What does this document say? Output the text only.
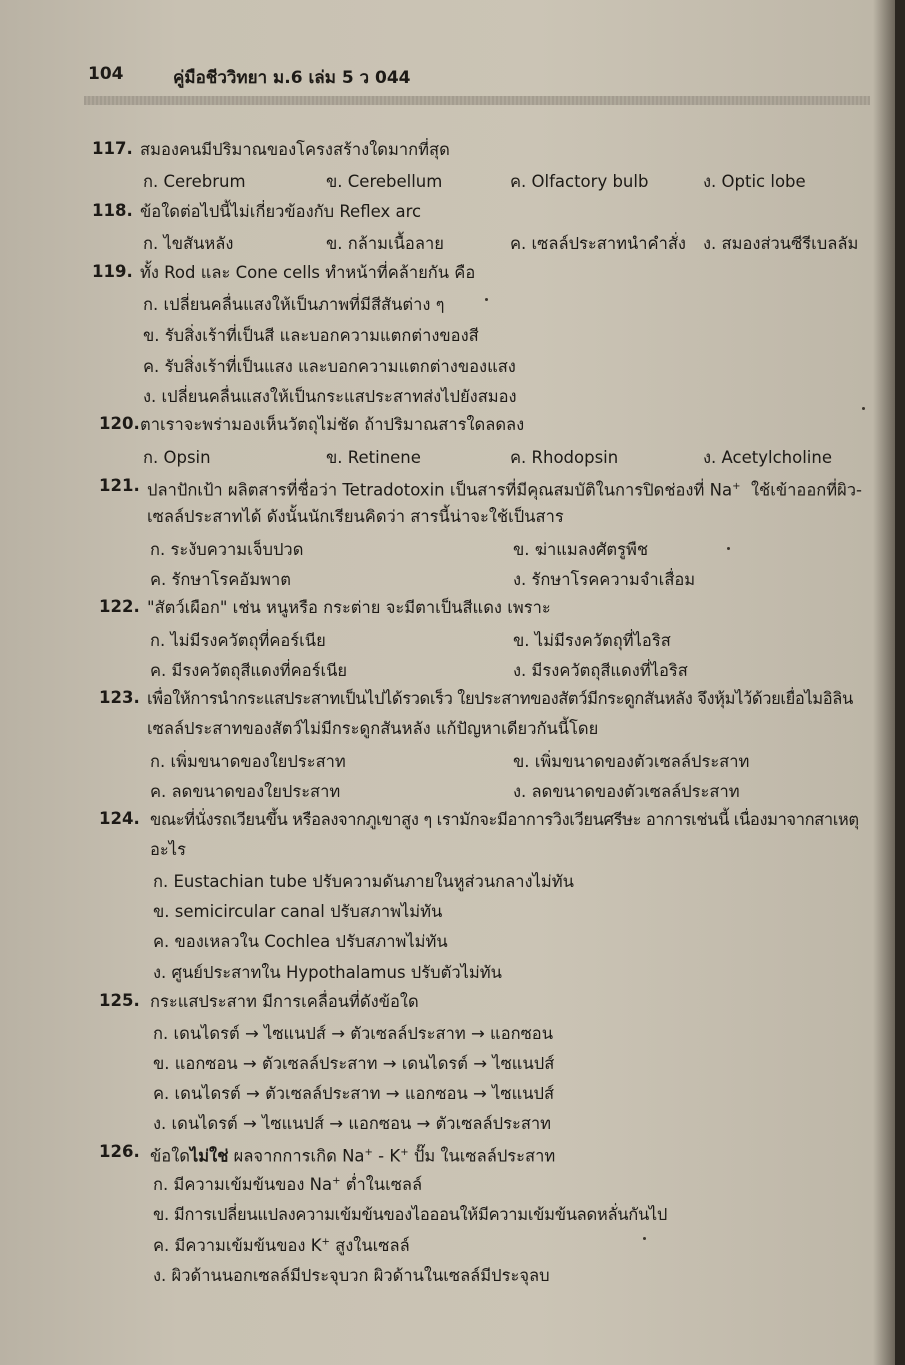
104	คู่มือชีววิทยา ม.6 เล่ม 5 ว 044
117. สมองคนมีปริมาณของโครงสร้างใดมากที่สุด
ก. Cerebrum	ข. Cerebellum	ค. Olfactory bulb	ง. Optic lobe
118. ข้อใดต่อไปนี้ไม่เกี่ยวข้องกับ Reflex arc
ก. ไขสันหลัง	ข. กล้ามเนื้อลาย	ค. เซลล์ประสาทนำคำสั่ง ง. สมองส่วนซีรีเบลลัม
119. ทั้ง Rod และ Cone cells ทำหน้าที่คล้ายกัน คือ
ก. เปลี่ยนคลื่นแสงให้เป็นภาพที่มีสีสันต่าง ๆ
ข. รับสิ่งเร้าที่เป็นสี และบอกความแตกต่างของสี
ค. รับสิ่งเร้าที่เป็นแสง และบอกความแตกต่างของแสง
ง. เปลี่ยนคลื่นแสงให้เป็นกระแสประสาทส่งไปยังสมอง
120. ตาเราจะพร่ามองเห็นวัตถุไม่ชัด ถ้าปริมาณสารใดลดลง
ก. Opsin	ข. Retinene	ค. Rhodopsin	ง. Acetylcholine
121. ปลาปักเป้า ผลิตสารที่ชื่อว่า Tetradotoxin เป็นสารที่มีคุณสมบัติในการปิดช่องที่ Na+ ใช้เข้าออกที่ผิว-
เซลล์ประสาทได้ ดังนั้นนักเรียนคิดว่า สารนี้น่าจะใช้เป็นสาร
ก. ระงับความเจ็บปวด	ข. ฆ่าแมลงศัตรูพืช
ค. รักษาโรคอัมพาต	ง. รักษาโรคความจำเสื่อม
122. "สัตว์เผือก" เช่น หนูหรือ กระต่าย จะมีตาเป็นสีแดง เพราะ
ก. ไม่มีรงควัตถุที่คอร์เนีย	ข. ไม่มีรงควัตถุที่ไอริส
ค. มีรงควัตถุสีแดงที่คอร์เนีย	ง. มีรงควัตถุสีแดงที่ไอริส
123. เพื่อให้การนำกระแสประสาทเป็นไปได้รวดเร็ว ใยประสาทของสัตว์มีกระดูกสันหลัง จึงหุ้มไว้ด้วยเยื่อไมอิลิน
เซลล์ประสาทของสัตว์ไม่มีกระดูกสันหลัง แก้ปัญหาเดียวกันนี้โดย
ก. เพิ่มขนาดของใยประสาท	ข. เพิ่มขนาดของตัวเซลล์ประสาท
ค. ลดขนาดของใยประสาท	ง. ลดขนาดของตัวเซลล์ประสาท
124. ขณะที่นั่งรถเวียนขึ้น หรือลงจากภูเขาสูง ๆ เรามักจะมีอาการวิงเวียนศรีษะ อาการเช่นนี้ เนื่องมาจากสาเหตุ
อะไร
ก. Eustachian tube ปรับความดันภายในหูส่วนกลางไม่ทัน
ข. semicircular canal ปรับสภาพไม่ทัน
ค. ของเหลวใน Cochlea ปรับสภาพไม่ทัน
ง. ศูนย์ประสาทใน Hypothalamus ปรับตัวไม่ทัน
125. กระแสประสาท มีการเคลื่อนที่ดังข้อใด
ก. เดนไดรต์ → ไซแนปส์ → ตัวเซลล์ประสาท → แอกซอน
ข. แอกซอน → ตัวเซลล์ประสาท → เดนไดรต์ → ไซแนปส์
ค. เดนไดรต์ → ตัวเซลล์ประสาท → แอกซอน → ไซแนปส์
ง. เดนไดรต์ → ไซแนปส์ → แอกซอน → ตัวเซลล์ประสาท
126. ข้อใดไม่ใช่ ผลจากการเกิด Na+ - K+ ปั๊ม ในเซลล์ประสาท
ก. มีความเข้มข้นของ Na+ ต่ำในเซลล์
ข. มีการเปลี่ยนแปลงความเข้มข้นของไอออนให้มีความเข้มข้นลดหลั่นกันไป
ค. มีความเข้มข้นของ K+ สูงในเซลล์
ง. ผิวด้านนอกเซลล์มีประจุบวก ผิวด้านในเซลล์มีประจุลบ
